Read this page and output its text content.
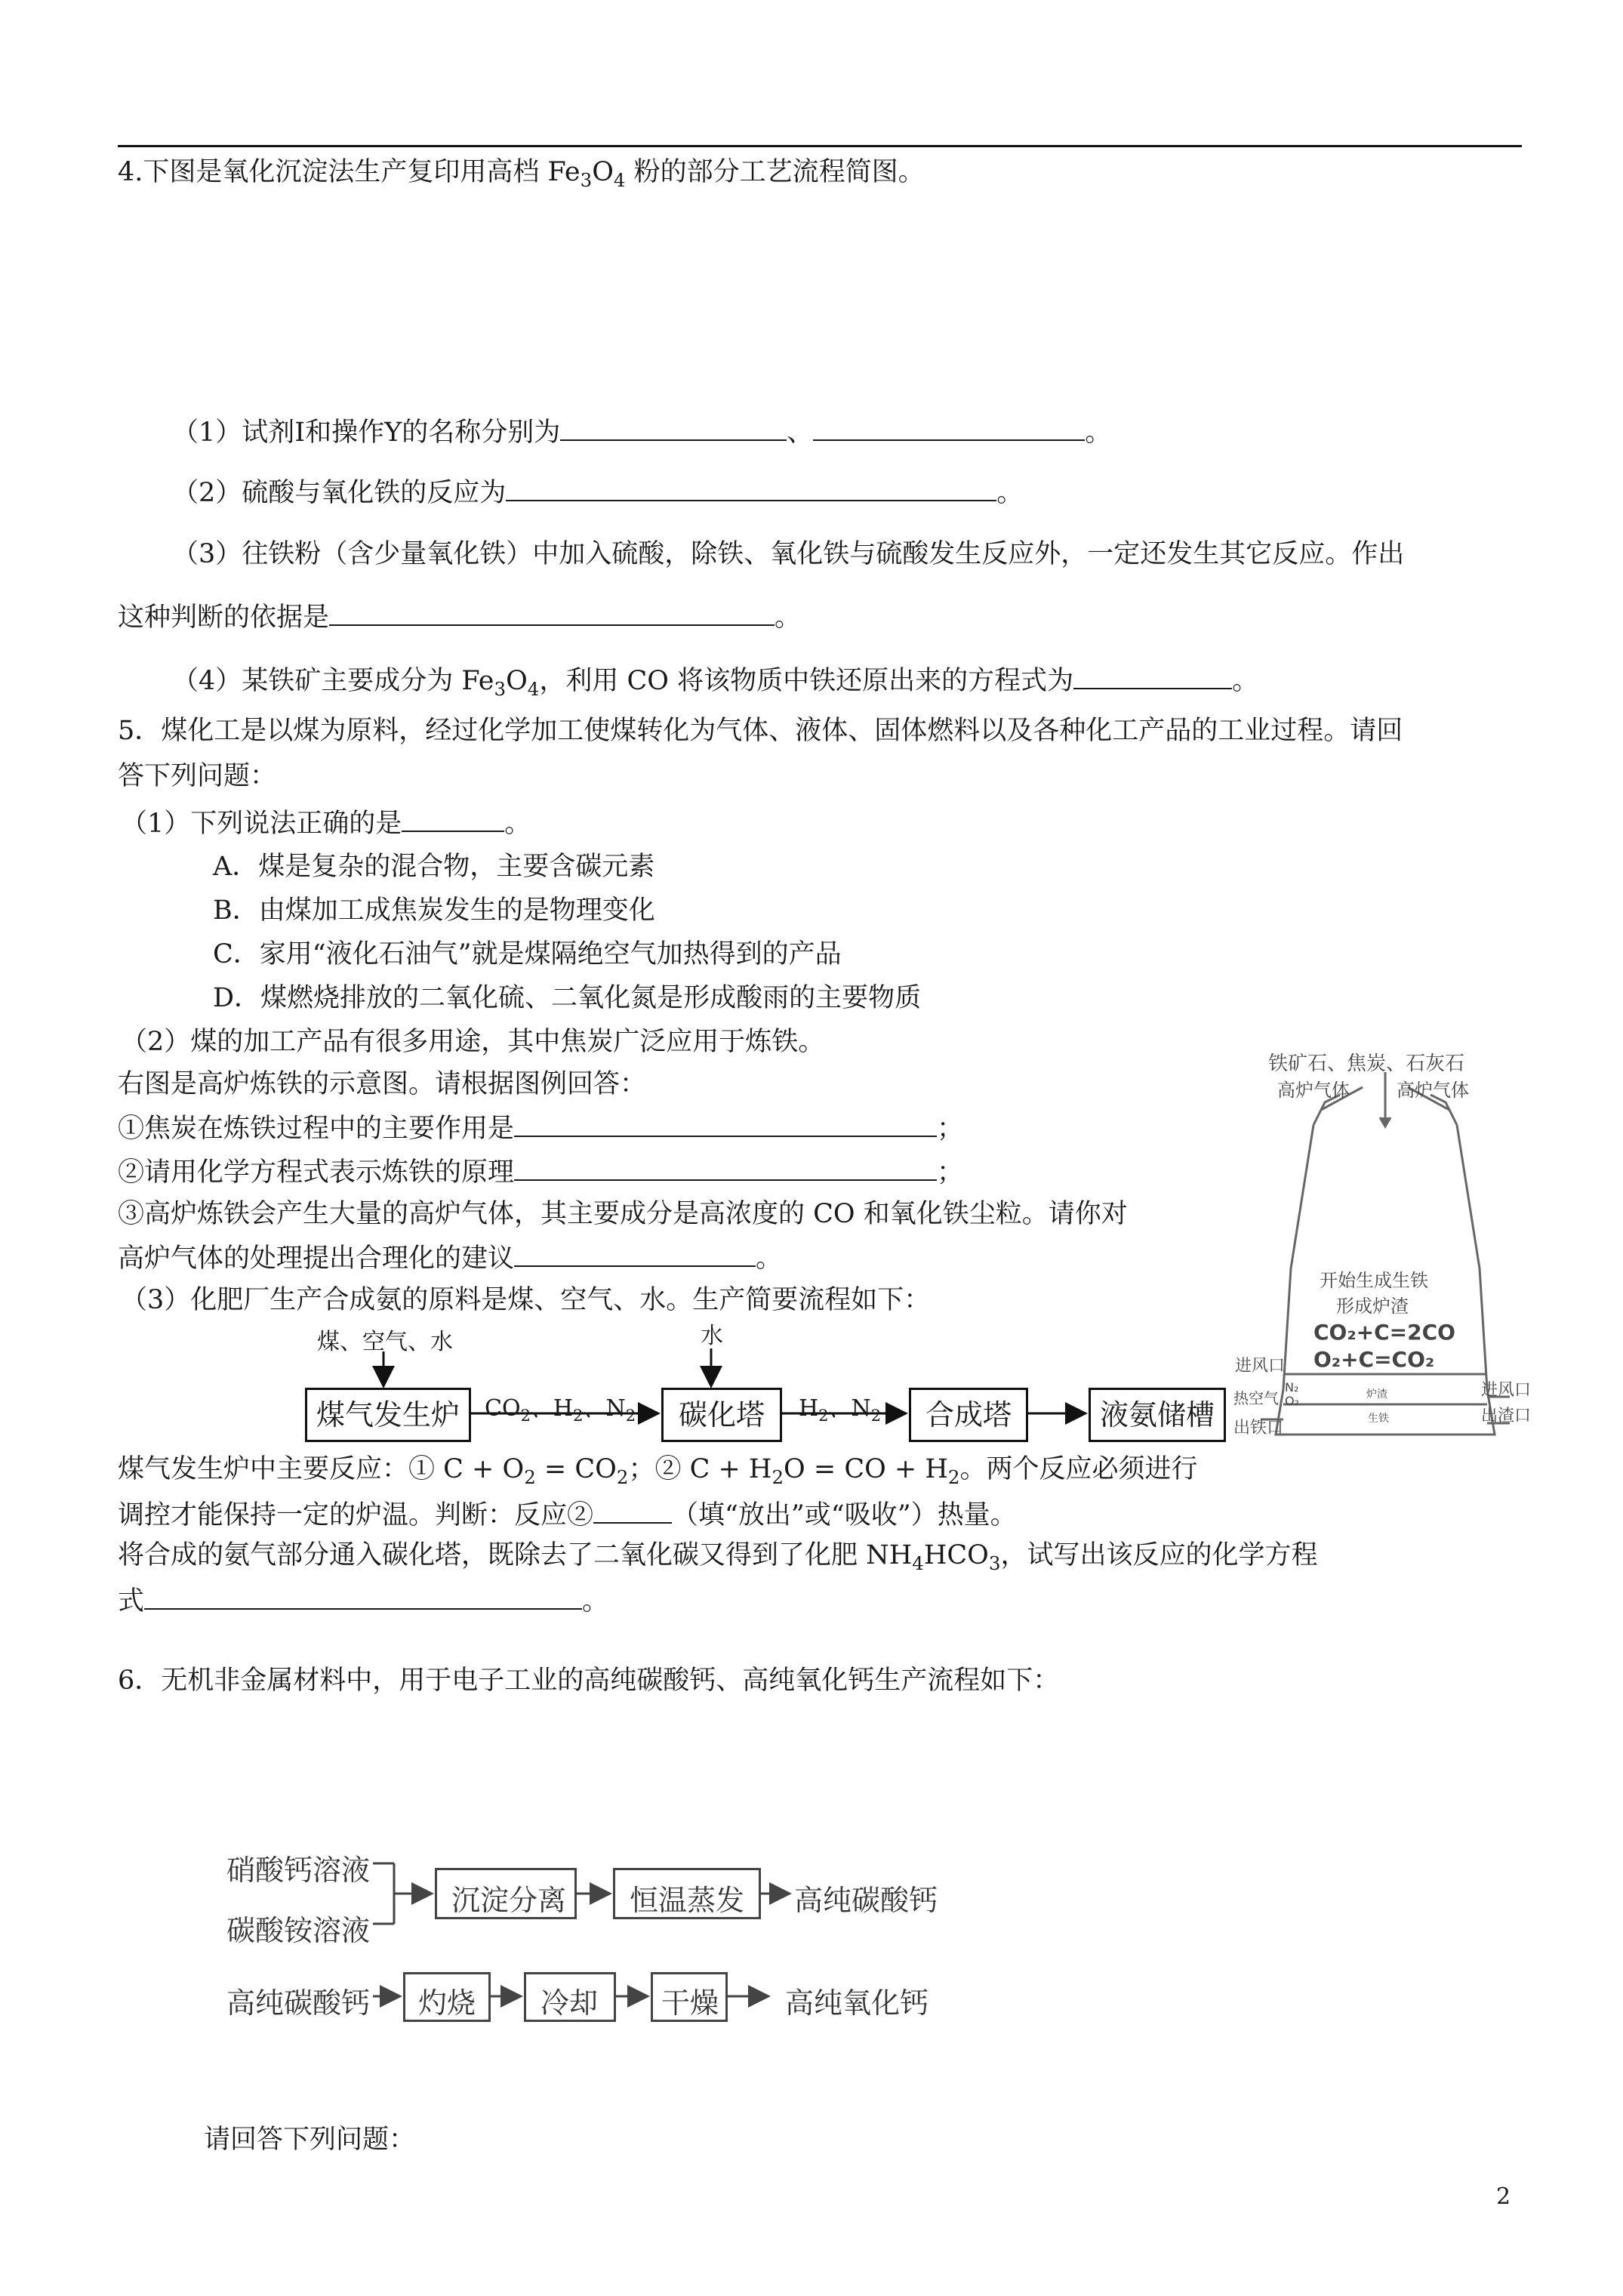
4.下图是氧化沉淀法生产复印用高档 $Fe_3O_4$ 粉的部分工艺流程简图。
（1）试剂Ⅰ和操作Y的名称分别为	、	。
（2）硫酸与氧化铁的反应为	。
（3）往铁粉（含少量氧化铁）中加入硫酸，除铁、氧化铁与硫酸发生反应外，一定还发生其它反应。作出
这种判断的依据是	。
（4）某铁矿主要成分为 $Fe_3O_4$，利用 CO 将该物质中铁还原出来的方程式为	。
5．煤化工是以煤为原料，经过化学加工使煤转化为气体、液体、固体燃料以及各种化工产品的工业过程。请回
答下列问题：
（1）下列说法正确的是	。
A．煤是复杂的混合物，主要含碳元素
B．由煤加工成焦炭发生的是物理变化
C．家用“液化石油气”就是煤隔绝空气加热得到的产品
D．煤燃烧排放的二氧化硫、二氧化氮是形成酸雨的主要物质
（2）煤的加工产品有很多用途，其中焦炭广泛应用于炼铁。
右图是高炉炼铁的示意图。请根据图例回答：
①焦炭在炼铁过程中的主要作用是	；
②请用化学方程式表示炼铁的原理	；
③高炉炼铁会产生大量的高炉气体，其主要成分是高浓度的 CO 和氧化铁尘粒。请你对
高炉气体的处理提出合理化的建议	。
（3）化肥厂生产合成氨的原料是煤、空气、水。生产简要流程如下：
煤、空气、水	水
煤气发生炉	碳化塔	合成塔	液氨储槽
$CO_2$、$H_2$、$N_2$	$H_2$、$N_2$
煤气发生炉中主要反应：① $C + O_2 = CO_2$；② $C + H_2O$ = CO + $H_2$。两个反应必须进行
调控才能保持一定的炉温。判断：反应②	（填“放出”或“吸收”）热量。
将合成的氨气部分通入碳化塔，既除去了二氧化碳又得到了化肥 $NH_4HCO_3$，试写出该反应的化学方程
式	。
铁矿石、焦炭、石灰石
高炉气体	高炉气体
开始生成生铁
形成炉渣
CO₂+C=2CO
O₂+C=CO₂
进风口
进风口
热空气
N₂
O₂	炉渣
生铁	出渣口
出铁口
6．无机非金属材料中，用于电子工业的高纯碳酸钙、高纯氧化钙生产流程如下：
硝酸钙溶液
碳酸铵溶液
沉淀分离 恒温蒸发 高纯碳酸钙
高纯碳酸钙 灼烧 冷却 干燥 高纯氧化钙
请回答下列问题：
2
